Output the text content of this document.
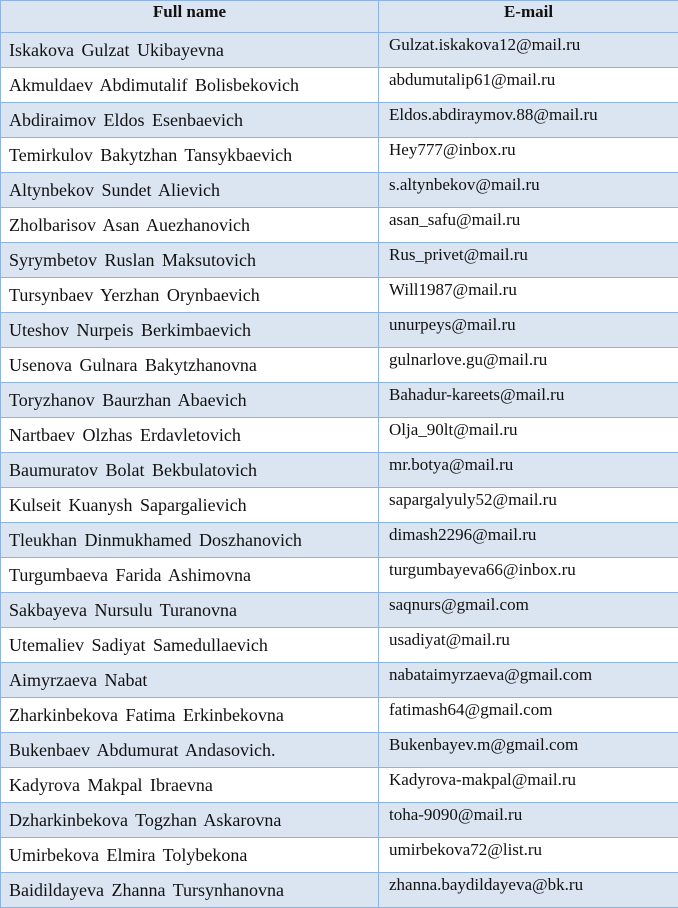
Full name	E-mail
Iskakova Gulzat Ukibayevna	Gulzat.iskakova12@mail.ru
Akmuldaev Abdimutalif Bolisbekovich	abdumutalip61@mail.ru
Abdiraimov Eldos Esenbaevich	Eldos.abdiraymov.88@mail.ru
Temirkulov Bakytzhan Tansykbaevich	Hey777@inbox.ru
Altynbekov Sundet Alievich	s.altynbekov@mail.ru
Zholbarisov Asan Auezhanovich	asan_safu@mail.ru
Syrymbetov Ruslan Maksutovich	Rus_privet@mail.ru
Tursynbaev Yerzhan Orynbaevich	Will1987@mail.ru
Uteshov Nurpeis Berkimbaevich	unurpeys@mail.ru
Usenova Gulnara Bakytzhanovna	gulnarlove.gu@mail.ru
Toryzhanov Baurzhan Abaevich	Bahadur-kareets@mail.ru
Nartbaev Olzhas Erdavletovich	Olja_90lt@mail.ru
Baumuratov Bolat Bekbulatovich	mr.botya@mail.ru
Kulseit Kuanysh Sapargalievich	sapargalyuly52@mail.ru
Tleukhan Dinmukhamed Doszhanovich	dimash2296@mail.ru
Turgumbaeva Farida Ashimovna	turgumbayeva66@inbox.ru
Sakbayeva Nursulu Turanovna	saqnurs@gmail.com
Utemaliev Sadiyat Samedullaevich	usadiyat@mail.ru
Aimyrzaeva Nabat	nabataimyrzaeva@gmail.com
Zharkinbekova Fatima Erkinbekovna	fatimash64@gmail.com
Bukenbaev Abdumurat Andasovich.	Bukenbayev.m@gmail.com
Kadyrova Makpal Ibraevna	Kadyrova-makpal@mail.ru
Dzharkinbekova Togzhan Askarovna	toha-9090@mail.ru
Umirbekova Elmira Tolybekona	umirbekova72@list.ru
Baidildayeva Zhanna Tursynhanovna	zhanna.baydildayeva@bk.ru
